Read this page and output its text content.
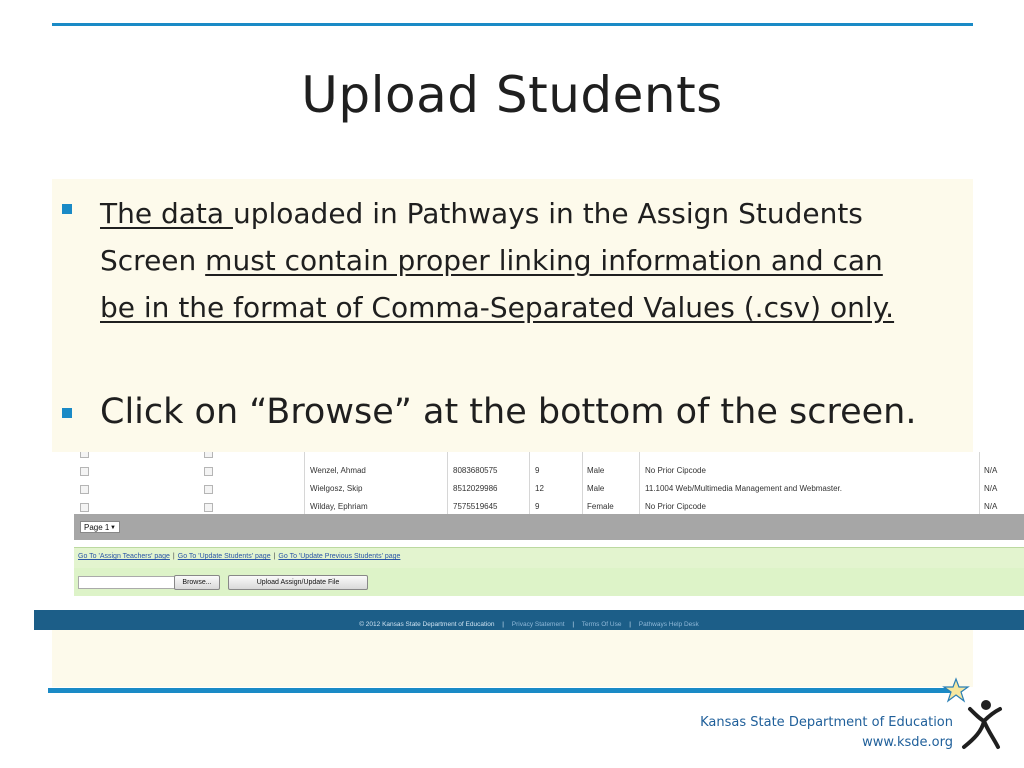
Upload Students
The data uploaded in Pathways in the Assign Students Screen must contain proper linking information and can be in the format of Comma-Separated Values (.csv) only.
Click on “Browse” at the bottom of the screen.
Wenzel, Ahmad	8083680575	9	Male	No Prior Cipcode	N/A
Wielgosz, Skip	8512029986	12	Male	11.1004 Web/Multimedia Management and Webmaster.	N/A
Wilday, Ephriam	7575519645	9	Female	No Prior Cipcode	N/A
Page 1 ▼
Go To 'Assign Teachers' page | Go To 'Update Students' page | Go To 'Update Previous Students' page
Browse...	Upload Assign/Update File
© 2012 Kansas State Department of Education | Privacy Statement | Terms Of Use | Pathways Help Desk
Kansas State Department of Education
www.ksde.org
